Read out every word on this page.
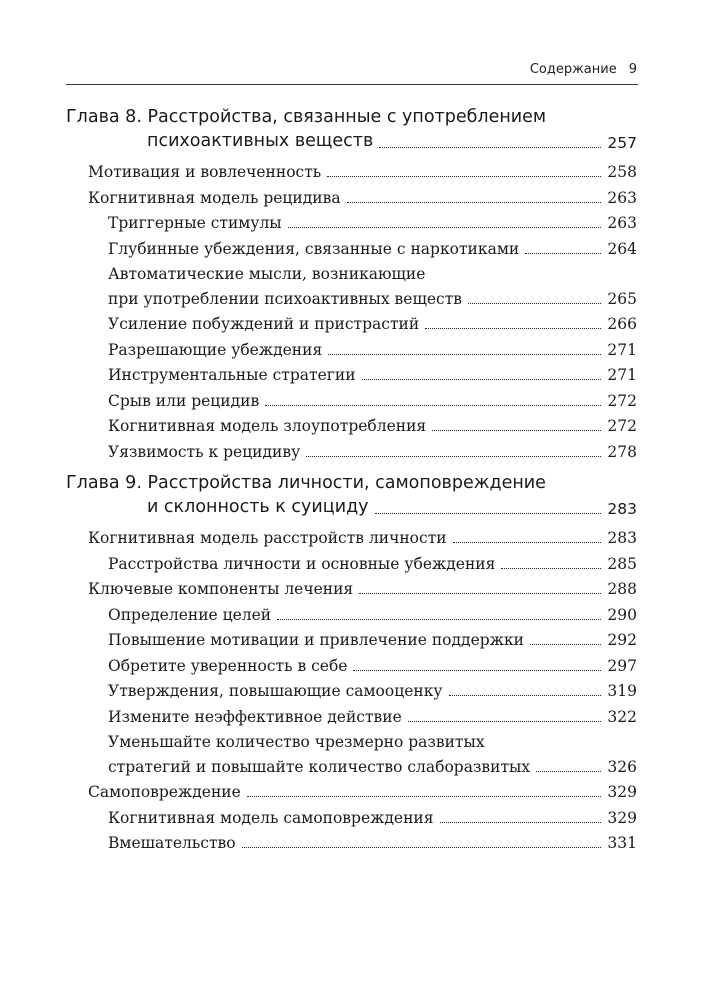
Содержание 9
Глава 8. Расстройства, связанные с употреблением
психоактивных веществ	257
Мотивация и вовлеченность	258
Когнитивная модель рецидива	263
Триггерные стимулы	263
Глубинные убеждения, связанные с наркотиками	264
Автоматические мысли, возникающие
при употреблении психоактивных веществ	265
Усиление побуждений и пристрастий	266
Разрешающие убеждения	271
Инструментальные стратегии	271
Срыв или рецидив	272
Когнитивная модель злоупотребления	272
Уязвимость к рецидиву	278
Глава 9. Расстройства личности, самоповреждение
и склонность к суициду	283
Когнитивная модель расстройств личности	283
Расстройства личности и основные убеждения	285
Ключевые компоненты лечения	288
Определение целей	290
Повышение мотивации и привлечение поддержки	292
Обретите уверенность в себе	297
Утверждения, повышающие самооценку	319
Измените неэффективное действие	322
Уменьшайте количество чрезмерно развитых
стратегий и повышайте количество слаборазвитых	326
Самоповреждение	329
Когнитивная модель самоповреждения	329
Вмешательство	331
